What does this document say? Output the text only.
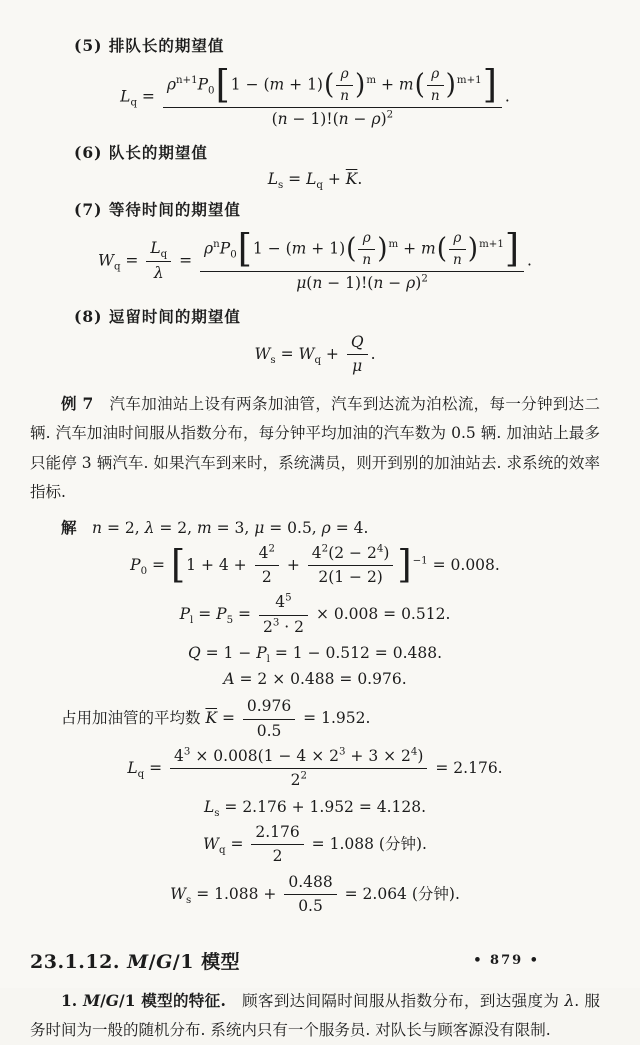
(5) 排队长的期望值
$L_q = \frac{\rho^{n+1}P_0[1 - (m + 1)( \frac{\rho}{n} )^m + m( \frac{\rho}{n} )^{m+1}]}{(n - 1)!(n - \rho)^2}$ .
(6) 队长的期望值
$L_s = L_q + \overline{K}$.
(7) 等待时间的期望值
$W_q = \frac{L_q}{\lambda} = \frac{\rho^nP_0[1 - (m + 1)( \frac{\rho}{n} )^m + m( \frac{\rho}{n} )^{m+1}]}{\mu(n - 1)!(n - \rho)^2}$ .
(8) 逗留时间的期望值
$W_s = W_q + \frac{Q}{\mu}$ .

例 7　汽车加油站上设有两条加油管，汽车到达流为泊松流，每一分钟到达二辆. 汽车加油时间服从指数分布，每分钟平均加油的汽车数为 0.5 辆. 加油站上最多只能停 3 辆汽车. 如果汽车到来时，系统满员，则开到别的加油站去. 求系统的效率指标.

解　 n = 2, λ = 2, m = 3, μ = 0.5, ρ = 4.
$P_0 = [1 + 4 + \frac{4^2}{2} + \frac{4^2(2 - 2^4)}{2(1 - 2)} ]^{-1} = 0.008$.
$P_l = P_5 = \frac{4^5}{2^3 \cdot 2} \times 0.008 = 0.512$.
$Q = 1 - P_l = 1 - 0.512 = 0.488$.
A = 2 × 0.488 = 0.976.
占用加油管的平均数 $\overline{K} = \frac{0.976}{0.5} = 1.952$.
$L_q = \frac{4^3 \times 0.008(1 - 4 \times 2^3 + 3 \times 2^4)}{2^2} = 2.176$.
$L_s = 2.176 + 1.952 = 4.128$.
$W_q = \frac{2.176}{2} = 1.088$ (分钟).
$W_s = 1.088 + \frac{0.488}{0.5} = 2.064$ (分钟).
23.1.12. M/G/1 模型

1. M/G/1 模型的特征.　顾客到达间隔时间服从指数分布，到达强度为 λ. 服务时间为一般的随机分布. 系统内只有一个服务员. 对队长与顾客源没有限制.

• 879 •
